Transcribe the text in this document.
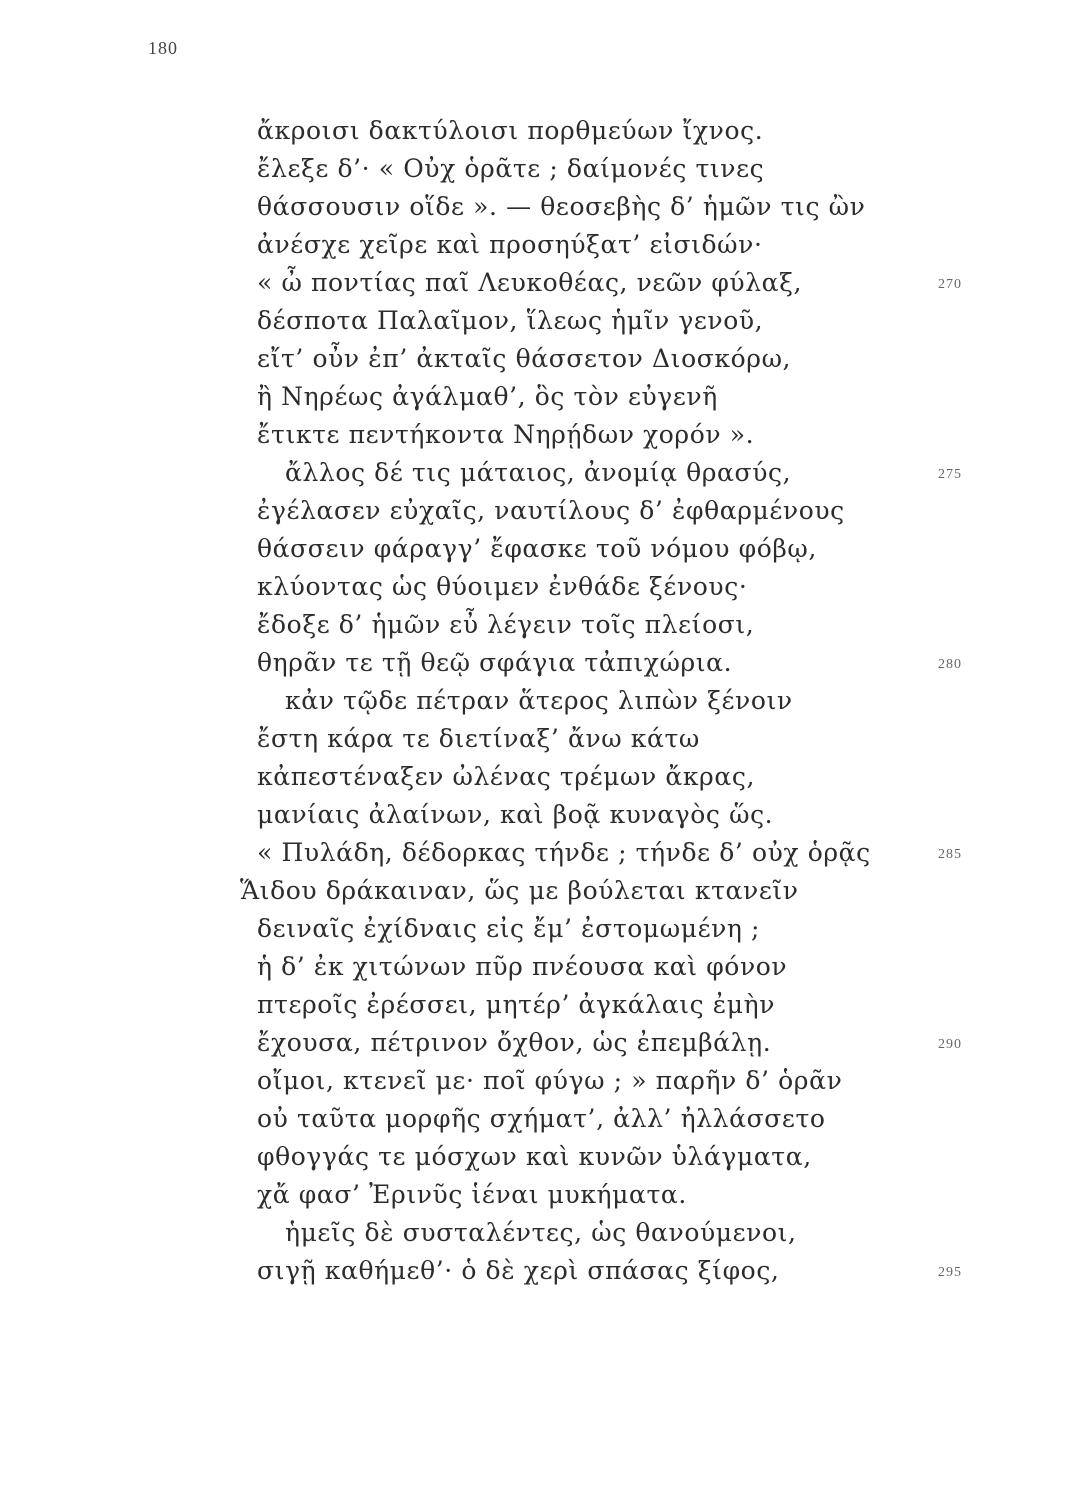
180
ἄκροισι δακτύλοισι πορθμεύων ἴχνος.
ἔλεξε δ’· « Οὐχ ὁρᾶτε ; δαίμονές τινες
θάσσουσιν οἵδε ». — θεοσεβὴς δ’ ἡμῶν τις ὢν
ἀνέσχε χεῖρε καὶ προσηύξατ’ εἰσιδών·
« ὦ ποντίας παῖ Λευκοθέας, νεῶν φύλαξ,	270
δέσποτα Παλαῖμον, ἵλεως ἡμῖν γενοῦ,
εἴτ’ οὖν ἐπ’ ἀκταῖς θάσσετον Διοσκόρω,
ἢ Νηρέως ἀγάλμαθ’, ὃς τὸν εὐγενῆ
ἔτικτε πεντήκοντα Νηρῄδων χορόν ».
ἄλλος δέ τις μάταιος, ἀνομίᾳ θρασύς,	275
ἐγέλασεν εὐχαῖς, ναυτίλους δ’ ἐφθαρμένους
θάσσειν φάραγγ’ ἔφασκε τοῦ νόμου φόβῳ,
κλύοντας ὡς θύοιμεν ἐνθάδε ξένους·
ἔδοξε δ’ ἡμῶν εὖ λέγειν τοῖς πλείοσι,
θηρᾶν τε τῇ θεῷ σφάγια τἀπιχώρια.	280
κἀν τῷδε πέτραν ἅτερος λιπὼν ξένοιν
ἔστη κάρα τε διετίναξ’ ἄνω κάτω
κἀπεστέναξεν ὠλένας τρέμων ἄκρας,
μανίαις ἀλαίνων, καὶ βοᾷ κυναγὸς ὥς.
« Πυλάδη, δέδορκας τήνδε ; τήνδε δ’ οὐχ ὁρᾷς	285
Ἅιδου δράκαιναν, ὥς με βούλεται κτανεῖν
δειναῖς ἐχίδναις εἰς ἔμ’ ἐστομωμένη ;
ἡ δ’ ἐκ χιτώνων πῦρ πνέουσα καὶ φόνον
πτεροῖς ἐρέσσει, μητέρ’ ἀγκάλαις ἐμὴν
ἔχουσα, πέτρινον ὄχθον, ὡς ἐπεμβάλῃ.	290
οἴμοι, κτενεῖ με· ποῖ φύγω ; » παρῆν δ’ ὁρᾶν
οὐ ταῦτα μορφῆς σχήματ’, ἀλλ’ ἠλλάσσετο
φθογγάς τε μόσχων καὶ κυνῶν ὑλάγματα,
χἄ φασ’ Ἐρινῦς ἱέναι μυκήματα.
ἡμεῖς δὲ συσταλέντες, ὡς θανούμενοι,
σιγῇ καθήμεθ’· ὁ δὲ χερὶ σπάσας ξίφος,	295
